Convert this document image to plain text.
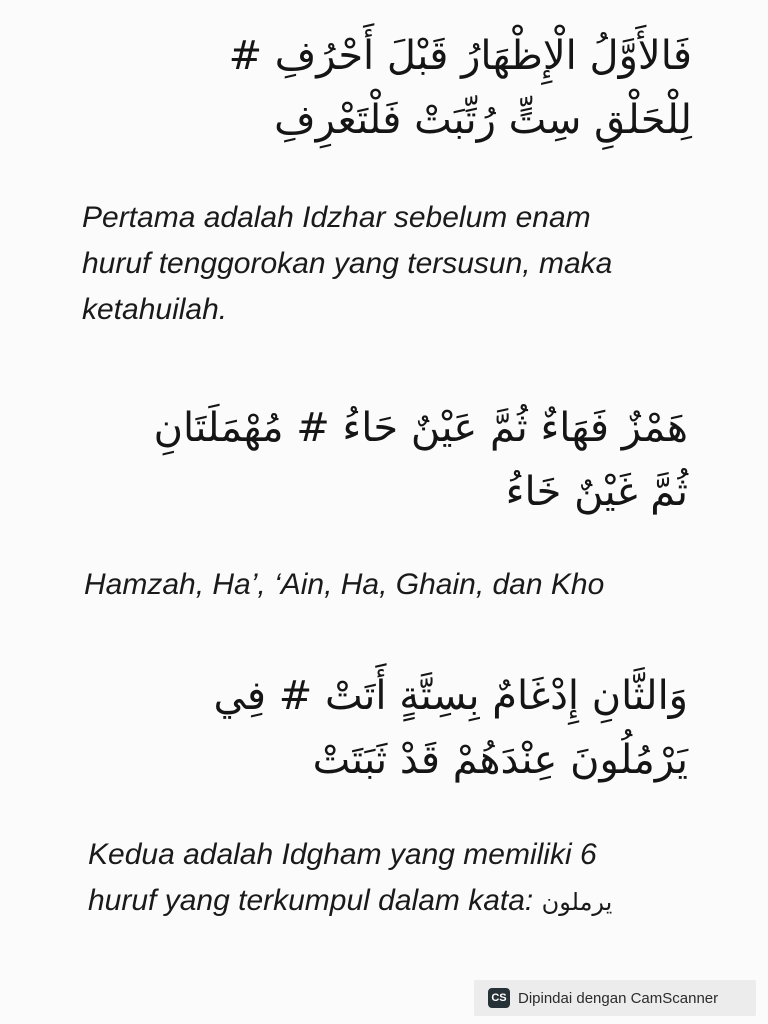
فَالأَوَّلُ الْإِظْهَارُ قَبْلَ أَحْرُفِ #
لِلْحَلْقِ سِتٍّ رُتِّبَتْ فَلْتَعْرِفِ
Pertama adalah Idzhar sebelum enam
huruf tenggorokan yang tersusun, maka
ketahuilah.
هَمْزٌ فَهَاءٌ ثُمَّ عَيْنٌ حَاءُ # مُهْمَلَتَانِ
ثُمَّ غَيْنٌ خَاءُ
Hamzah, Ha’, ‘Ain, Ha, Ghain, dan Kho
وَالثَّانِ إِدْغَامٌ بِسِتَّةٍ أَتَتْ # فِي
يَرْمُلُونَ عِنْدَهُمْ قَدْ ثَبَتَتْ
Kedua adalah Idgham yang memiliki 6
huruf yang terkumpul dalam kata: يرملون
CS Dipindai dengan CamScanner
